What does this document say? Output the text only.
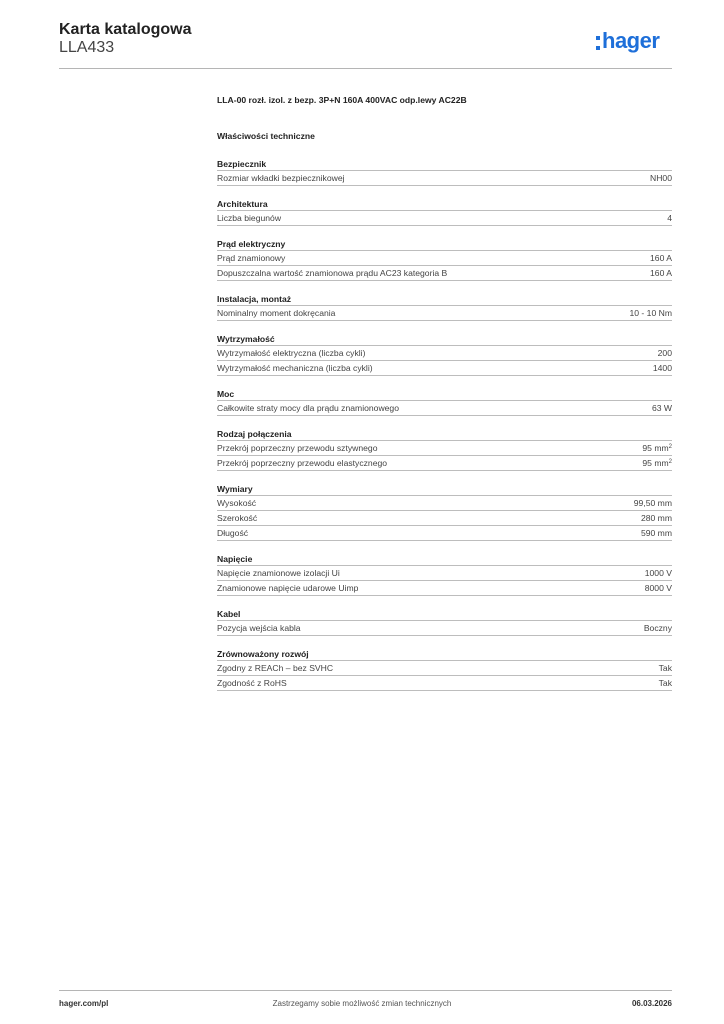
Karta katalogowa
LLA433	hager
LLA-00 rozł. izol. z bezp. 3P+N 160A 400VAC odp.lewy AC22B
Właściwości techniczne
Bezpiecznik
Rozmiar wkładki bezpiecznikowej	NH00
Architektura
Liczba biegunów	4
Prąd elektryczny
Prąd znamionowy	160 A
Dopuszczalna wartość znamionowa prądu AC23 kategoria B	160 A
Instalacja, montaż
Nominalny moment dokręcania	10 - 10 Nm
Wytrzymałość
Wytrzymałość elektryczna (liczba cykli)	200
Wytrzymałość mechaniczna (liczba cykli)	1400
Moc
Całkowite straty mocy dla prądu znamionowego	63 W
Rodzaj połączenia
Przekrój poprzeczny przewodu sztywnego	95 $mm^2$
Przekrój poprzeczny przewodu elastycznego	95 $mm^2$
Wymiary
Wysokość	99,50 mm
Szerokość	280 mm
Długość	590 mm
Napięcie
Napięcie znamionowe izolacji Ui	1000 V
Znamionowe napięcie udarowe Uimp	8000 V
Kabel
Pozycja wejścia kabla	Boczny
Zrównoważony rozwój
Zgodny z REACh – bez SVHC	Tak
Zgodność z RoHS	Tak
hager.com/pl	Zastrzegamy sobie możliwość zmian technicznych	06.03.2026
